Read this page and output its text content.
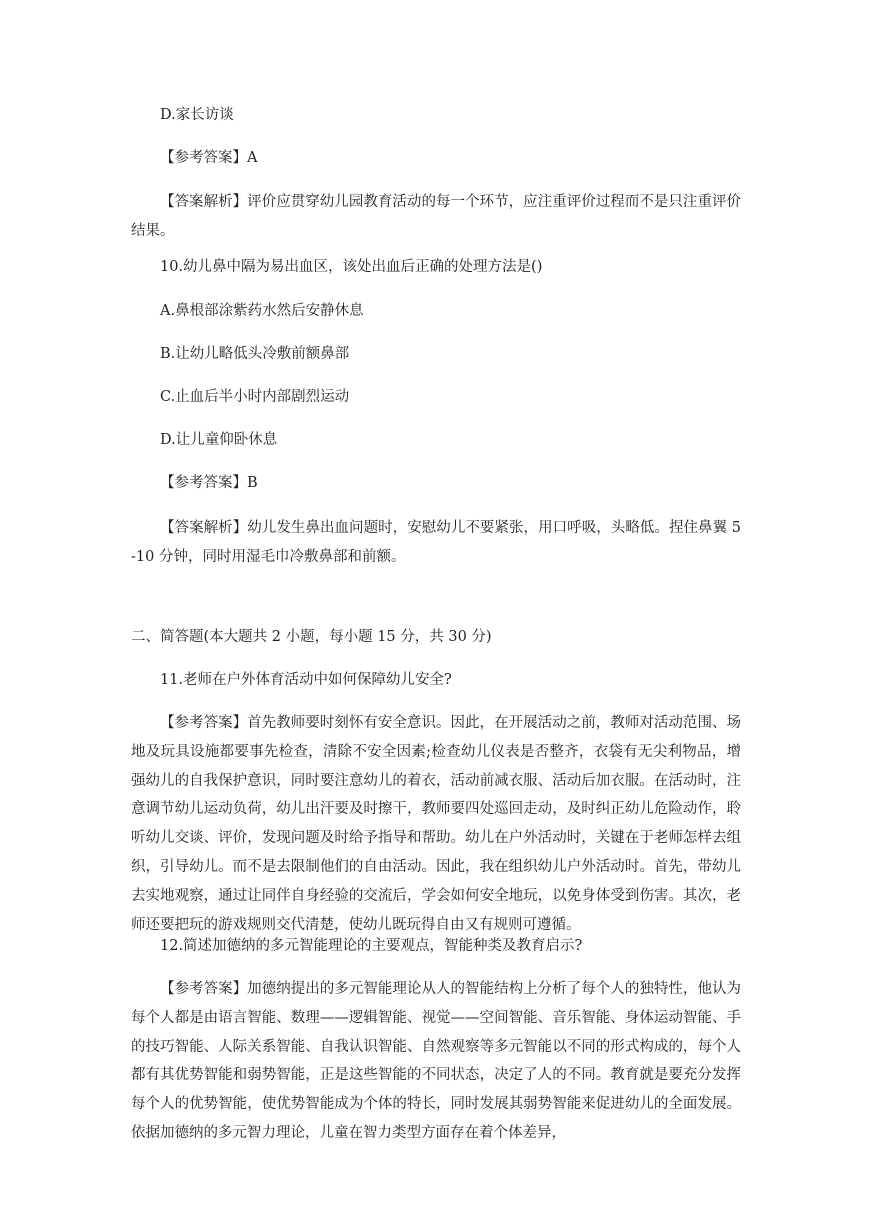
D.家长访谈
【参考答案】A
【答案解析】评价应贯穿幼儿园教育活动的每一个环节，应注重评价过程而不是只注重评价结果。
10.幼儿鼻中隔为易出血区，该处出血后正确的处理方法是()
A.鼻根部涂紫药水然后安静休息
B.让幼儿略低头冷敷前额鼻部
C.止血后半小时内部剧烈运动
D.让儿童仰卧休息
【参考答案】B
【答案解析】幼儿发生鼻出血问题时，安慰幼儿不要紧张，用口呼吸，头略低。捏住鼻翼 5-10 分钟，同时用湿毛巾冷敷鼻部和前额。
二、简答题(本大题共 2 小题，每小题 15 分，共 30 分)
11.老师在户外体育活动中如何保障幼儿安全?
【参考答案】首先教师要时刻怀有安全意识。因此，在开展活动之前，教师对活动范围、场地及玩具设施都要事先检查，清除不安全因素;检查幼儿仪表是否整齐，衣袋有无尖利物品，增强幼儿的自我保护意识，同时要注意幼儿的着衣，活动前减衣服、活动后加衣服。在活动时，注意调节幼儿运动负荷，幼儿出汗要及时擦干，教师要四处巡回走动，及时纠正幼儿危险动作，聆听幼儿交谈、评价，发现问题及时给予指导和帮助。幼儿在户外活动时，关键在于老师怎样去组织，引导幼儿。而不是去限制他们的自由活动。因此，我在组织幼儿户外活动时。首先，带幼儿去实地观察，通过让同伴自身经验的交流后，学会如何安全地玩，以免身体受到伤害。其次，老师还要把玩的游戏规则交代清楚，使幼儿既玩得自由又有规则可遵循。
12.简述加德纳的多元智能理论的主要观点，智能种类及教育启示?
【参考答案】加德纳提出的多元智能理论从人的智能结构上分析了每个人的独特性，他认为每个人都是由语言智能、数理——逻辑智能、视觉——空间智能、音乐智能、身体运动智能、手的技巧智能、人际关系智能、自我认识智能、自然观察等多元智能以不同的形式构成的，每个人都有其优势智能和弱势智能，正是这些智能的不同状态，决定了人的不同。教育就是要充分发挥每个人的优势智能，使优势智能成为个体的特长，同时发展其弱势智能来促进幼儿的全面发展。 依据加德纳的多元智力理论，儿童在智力类型方面存在着个体差异，
